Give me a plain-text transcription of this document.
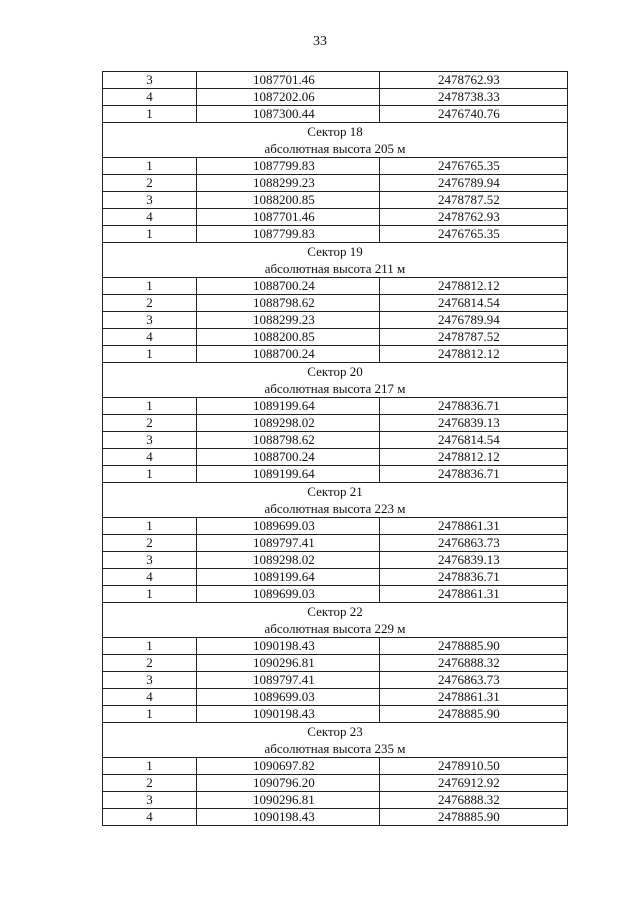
33
3	1087701.46	2478762.93
4	1087202.06	2478738.33
1	1087300.44	2476740.76

Сектор 18
абсолютная высота 205 м		

1	1087799.83	2476765.35
2	1088299.23	2476789.94
3	1088200.85	2478787.52
4	1087701.46	2478762.93
1	1087799.83	2476765.35

Сектор 19
абсолютная высота 211 м		

1	1088700.24	2478812.12
2	1088798.62	2476814.54
3	1088299.23	2476789.94
4	1088200.85	2478787.52
1	1088700.24	2478812.12

Сектор 20
абсолютная высота 217 м		

1	1089199.64	2478836.71
2	1089298.02	2476839.13
3	1088798.62	2476814.54
4	1088700.24	2478812.12
1	1089199.64	2478836.71

Сектор 21
абсолютная высота 223 м		

1	1089699.03	2478861.31
2	1089797.41	2476863.73
3	1089298.02	2476839.13
4	1089199.64	2478836.71
1	1089699.03	2478861.31

Сектор 22
абсолютная высота 229 м		

1	1090198.43	2478885.90
2	1090296.81	2476888.32
3	1089797.41	2476863.73
4	1089699.03	2478861.31
1	1090198.43	2478885.90

Сектор 23
абсолютная высота 235 м		

1	1090697.82	2478910.50
2	1090796.20	2476912.92
3	1090296.81	2476888.32
4	1090198.43	2478885.90
